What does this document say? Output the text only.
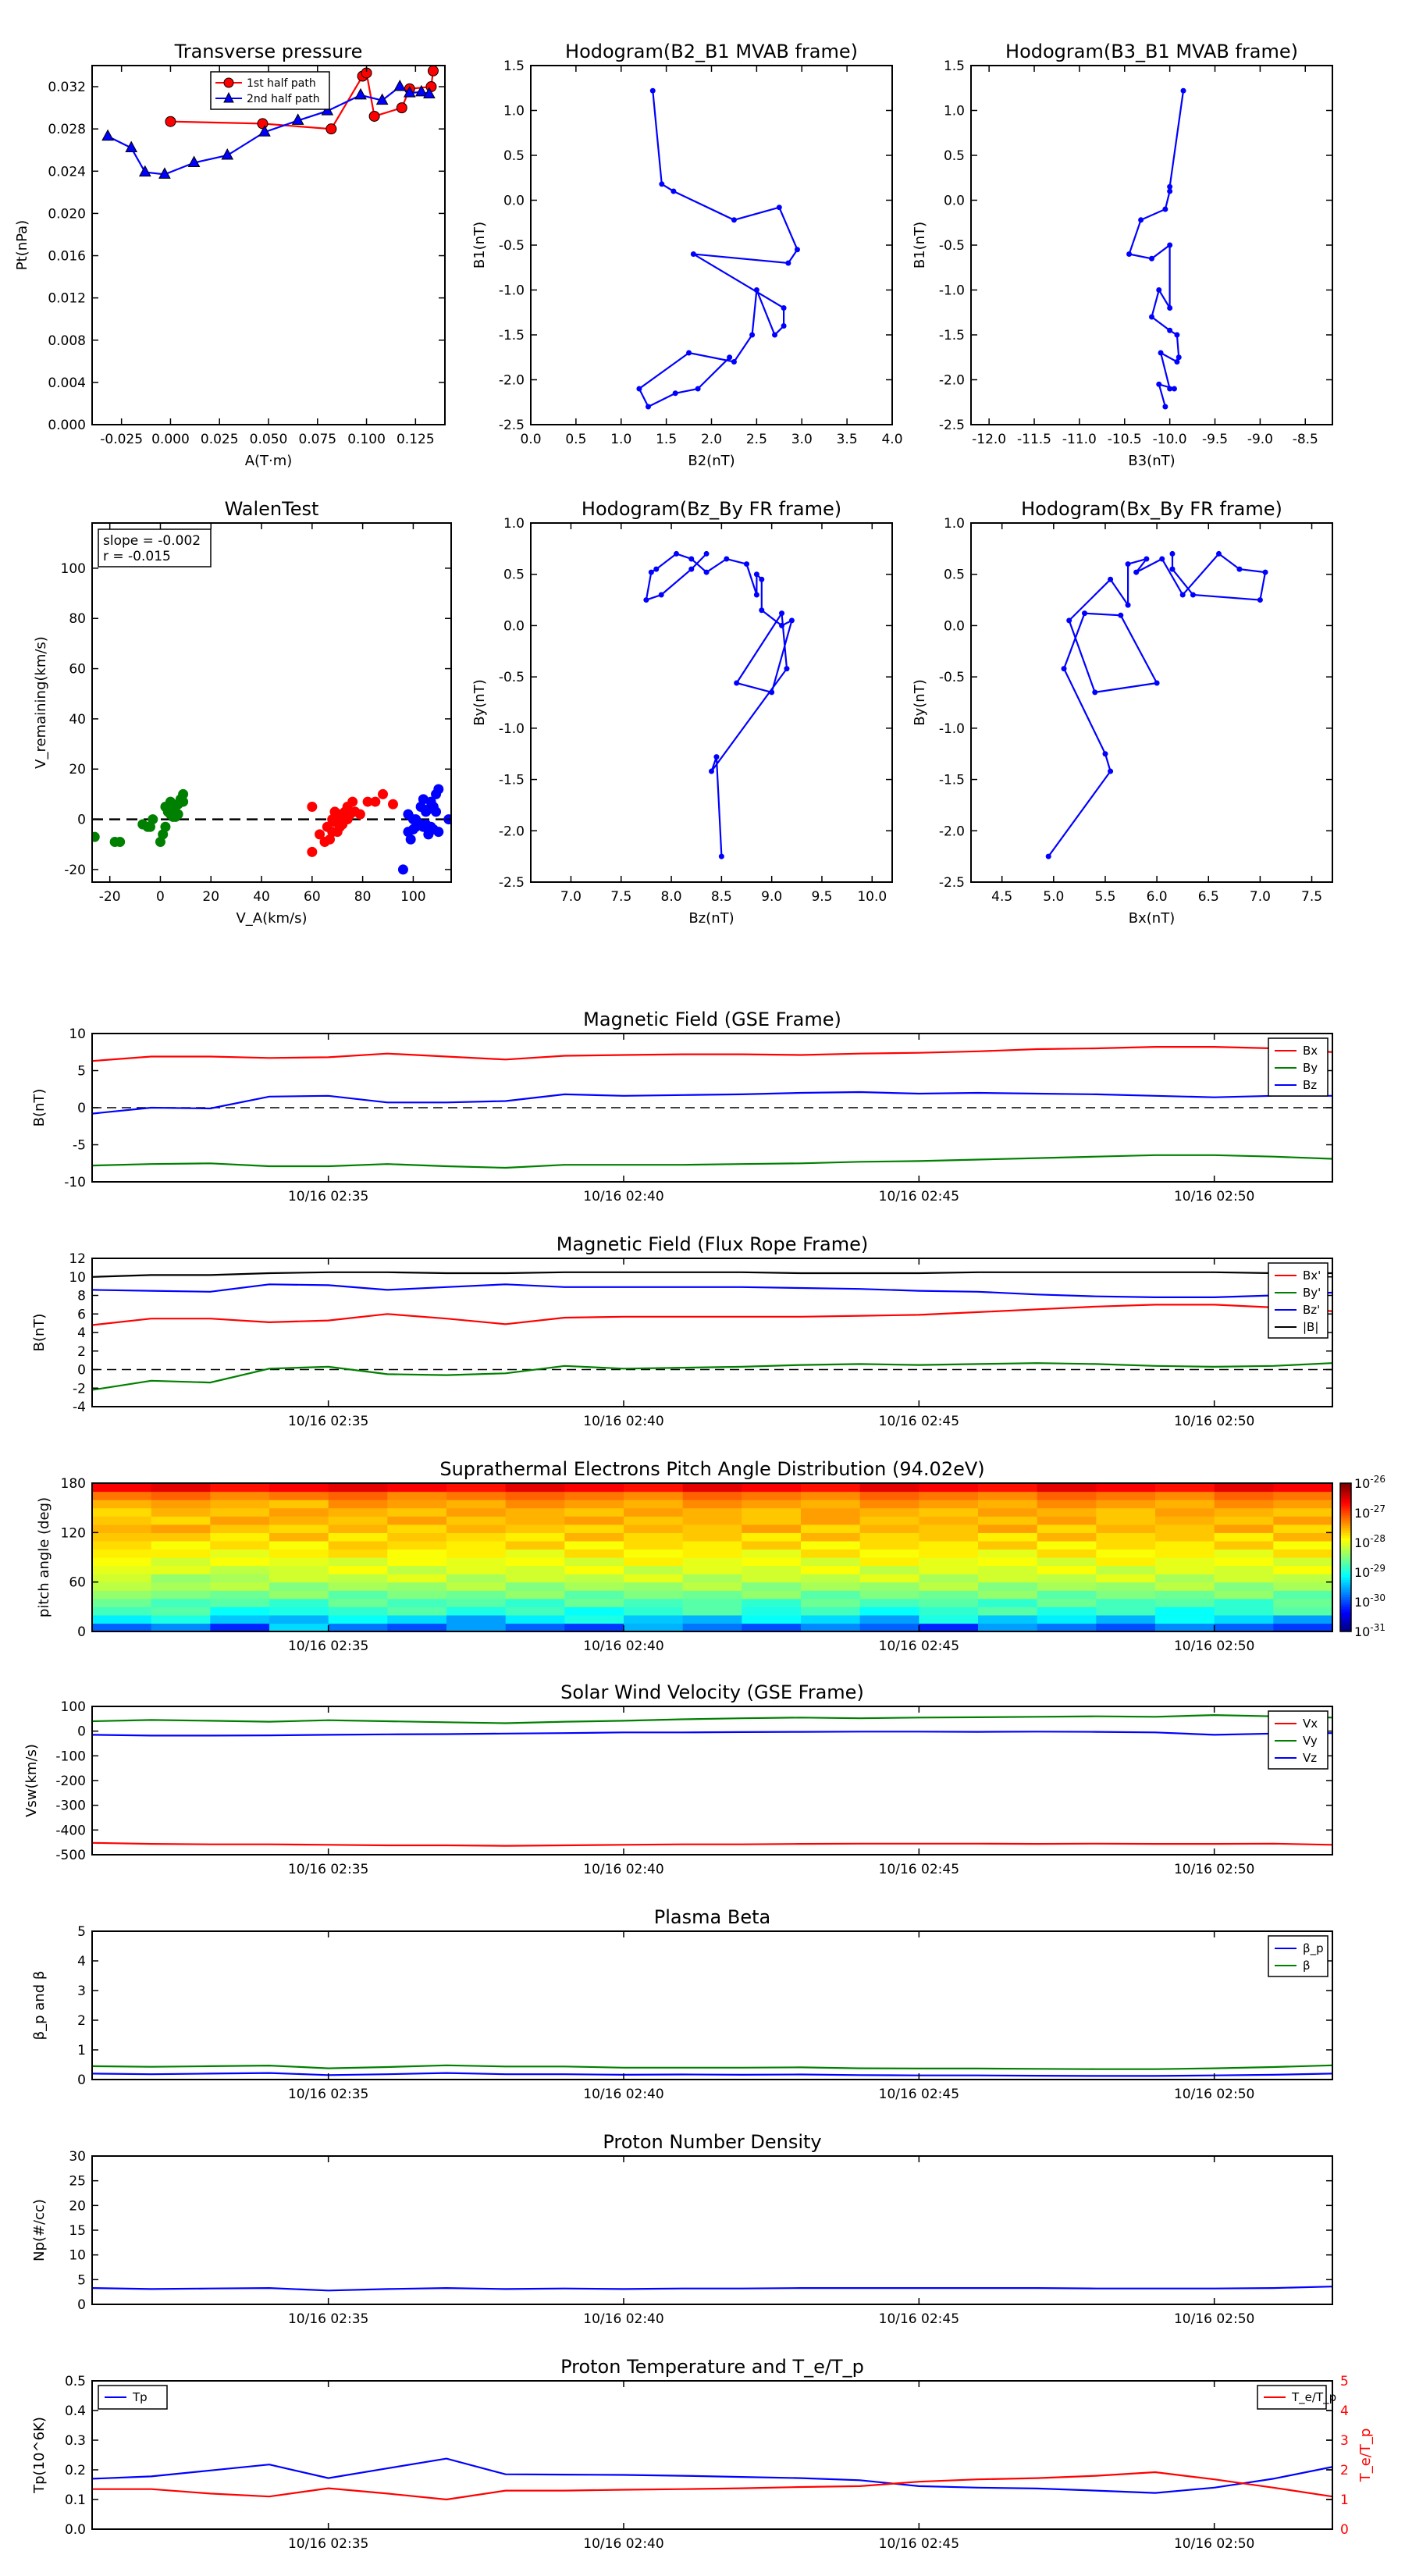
Transverse pressure
0.000
0.004
0.008
0.012
0.016
0.020
0.024
0.028
0.032
-0.025 0.000 0.025 0.050 0.075 0.100 0.125
A(T·m)
Pt(nPa)
1st half path
2nd half path
Hodogram(B2_B1 MVAB frame)
-2.5
-2.0
-1.5
-1.0
-0.5
0.0
0.5
1.0
1.5
0.0 0.5 1.0 1.5 2.0 2.5 3.0 3.5 4.0
B2(nT)
B1(nT)
Hodogram(B3_B1 MVAB frame)
-2.5
-2.0
-1.5
-1.0
-0.5
0.0
0.5
1.0
1.5
-12.0 -11.5 -11.0 -10.5 -10.0 -9.5 -9.0 -8.5
B3(nT)
B1(nT)
Hodogram(Bz_By FR frame)
-2.5
-2.0
-1.5
-1.0
-0.5
0.0
0.5
1.0
7.0 7.5 8.0 8.5 9.0 9.5 10.0
Bz(nT)
By(nT)
Hodogram(Bx_By FR frame)
-2.5
-2.0
-1.5
-1.0
-0.5
0.0
0.5
1.0
4.5 5.0 5.5 6.0 6.5 7.0 7.5
Bx(nT)
By(nT)
WalenTest
-20
0
20
40
60
80
100
-20	0	20	40	60	80 100
V_A(km/s)
V_remaining(km/s)
slope = -0.002
r = -0.015
Magnetic Field (GSE Frame)
-10
-5
0
5
10
10/16 02:35	10/16 02:40	10/16 02:45	10/16 02:50
B(nT)
Bx
By
Bz
Magnetic Field (Flux Rope Frame)
-4
-2
0
2
4
6
8
10
12
10/16 02:35	10/16 02:40	10/16 02:45	10/16 02:50
B(nT)
Bx'
By'
Bz'
|B|
Solar Wind Velocity (GSE Frame)
-500
-400
-300
-200
-100
0
100
10/16 02:35	10/16 02:40	10/16 02:45	10/16 02:50
Vsw(km/s)
Vx
Vy
Vz
Plasma Beta
0
1
2
3
4
5
10/16 02:35	10/16 02:40	10/16 02:45	10/16 02:50
β_p and β
β_p
β
Proton Number Density
0
5
10
15
20
25
30
10/16 02:35	10/16 02:40	10/16 02:45	10/16 02:50
Np(#/cc)
Proton Temperature and T_e/T_p
0.0
0.1
0.2
0.3
0.4
0.5
0
1
2
3
4
5
10/16 02:35	10/16 02:40	10/16 02:45	10/16 02:50
Tp(10^6K)	T_e/T_p
Tp	T_e/T_p
Suprathermal Electrons Pitch Angle Distribution (94.02eV)
0
60
120
180
10/16 02:35	10/16 02:40	10/16 02:45	10/16 02:50
pitch angle (deg)
$10^{-31}$
$10^{-30}$
$10^{-29}$
$10^{-28}$
$10^{-27}$
$10^{-26}$
